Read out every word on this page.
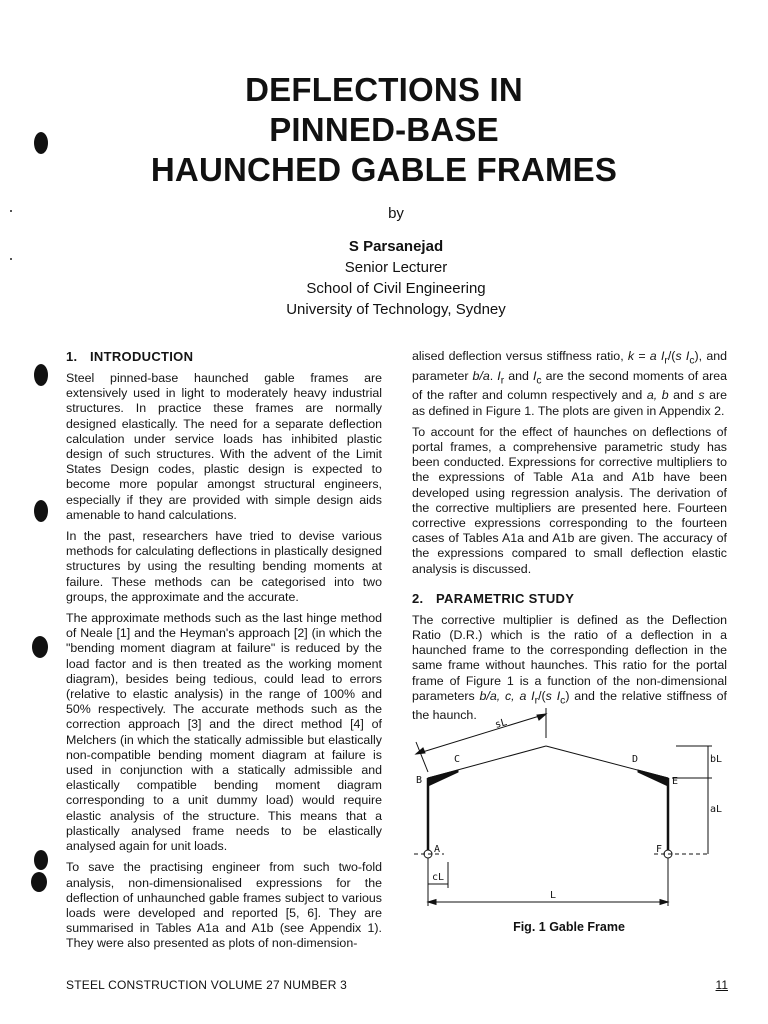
DEFLECTIONS IN
PINNED-BASE
HAUNCHED GABLE FRAMES
by
S Parsanejad
Senior Lecturer
School of Civil Engineering
University of Technology, Sydney
1. INTRODUCTION

Steel pinned-base haunched gable frames are extensively used in light to moderately heavy industrial structures. In practice these frames are normally designed elastically. The need for a separate deflection calculation under service loads has inhibited plastic design of such structures. With the advent of the Limit States Design codes, plastic design is expected to become more popular amongst structural engineers, especially if they are provided with simple design aids amenable to hand calculations.

In the past, researchers have tried to devise various methods for calculating deflections in plastically designed structures by using the resulting bending moments at failure. These methods can be categorised into two groups, the approximate and the accurate.

The approximate methods such as the last hinge method of Neale [1] and the Heyman's approach [2] (in which the "bending moment diagram at failure" is reduced by the load factor and is then treated as the working moment diagram), besides being tedious, could lead to errors (relative to elastic analysis) in the range of 100% and 50% respectively. The accurate methods such as the correction approach [3] and the direct method [4] of Melchers (in which the statically admissible but elastically non-compatible bending moment diagram at failure is used in conjunction with a statically admissible and elastically compatible bending moment diagram corresponding to a unit dummy load) would require elastic analysis of the structure. This means that a plastically analysed frame needs to be elastically analysed again for unit loads.

To save the practising engineer from such two-fold analysis, non-dimensionalised expressions for the deflection of unhaunched gable frames subject to various loads were developed and reported [5, 6]. They are summarised in Tables A1a and A1b (see Appendix 1). They were also presented as plots of non-dimension-

alised deflection versus stiffness ratio, k = a $I_r/(s$ $I_c$), and parameter b/a. $I_r$ and $I_c$ are the second moments of area of the rafter and column respectively and a, b and s are as defined in Figure 1. The plots are given in Appendix 2.

To account for the effect of haunches on deflections of portal frames, a comprehensive parametric study has been conducted. Expressions for corrective multipliers to the expressions of Table A1a and A1b have been developed using regression analysis. The derivation of the corrective multipliers are presented here. Fourteen corrective expressions corresponding to the fourteen cases of Tables A1a and A1b are given. The accuracy of the expressions compared to small deflection elastic analysis is discussed.

2. PARAMETRIC STUDY

The corrective multiplier is defined as the Deflection Ratio (D.R.) which is the ratio of a deflection in a haunched frame to the corresponding deflection in the same frame without haunches. This ratio for the portal frame of Figure 1 is a function of the non-dimensional parameters b/a, c, a $I_r/(s$ $I_c$) and the relative stiffness of the haunch.

sL
C	D
B	E
A	F
bL
aL
cL
L
Fig. 1 Gable Frame
STEEL CONSTRUCTION VOLUME 27 NUMBER 3	11
